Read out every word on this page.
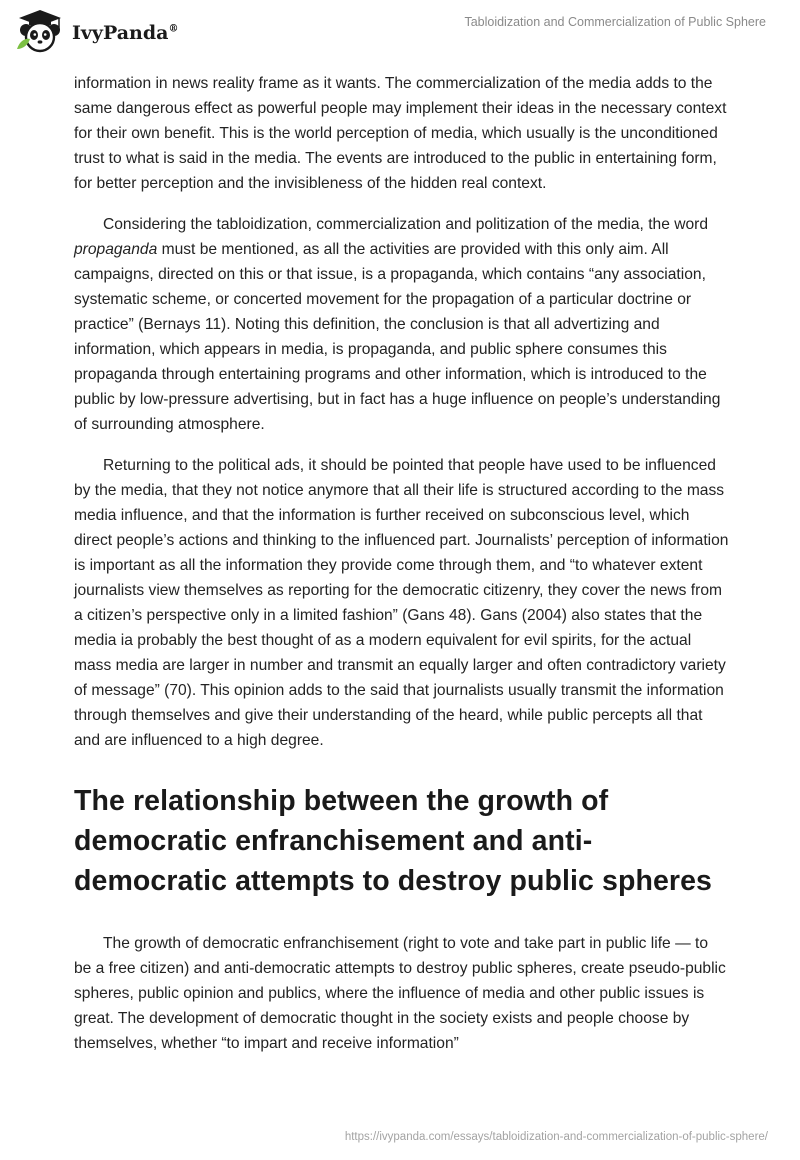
IvyPanda®
Tabloidization and Commercialization of Public Sphere

information in news reality frame as it wants. The commercialization of the media adds to the same dangerous effect as powerful people may implement their ideas in the necessary context for their own benefit. This is the world perception of media, which usually is the unconditioned trust to what is said in the media. The events are introduced to the public in entertaining form, for better perception and the invisibleness of the hidden real context.

Considering the tabloidization, commercialization and politization of the media, the word propaganda must be mentioned, as all the activities are provided with this only aim. All campaigns, directed on this or that issue, is a propaganda, which contains “any association, systematic scheme, or concerted movement for the propagation of a particular doctrine or practice” (Bernays 11). Noting this definition, the conclusion is that all advertizing and information, which appears in media, is propaganda, and public sphere consumes this propaganda through entertaining programs and other information, which is introduced to the public by low-pressure advertising, but in fact has a huge influence on people’s understanding of surrounding atmosphere.

Returning to the political ads, it should be pointed that people have used to be influenced by the media, that they not notice anymore that all their life is structured according to the mass media influence, and that the information is further received on subconscious level, which direct people’s actions and thinking to the influenced part. Journalists’ perception of information is important as all the information they provide come through them, and “to whatever extent journalists view themselves as reporting for the democratic citizenry, they cover the news from a citizen’s perspective only in a limited fashion” (Gans 48). Gans (2004) also states that the media ia probably the best thought of as a modern equivalent for evil spirits, for the actual mass media are larger in number and transmit an equally larger and often contradictory variety of message” (70). This opinion adds to the said that journalists usually transmit the information through themselves and give their understanding of the heard, while public percepts all that and are influenced to a high degree.

The relationship between the growth of democratic enfranchisement and anti-democratic attempts to destroy public spheres

The growth of democratic enfranchisement (right to vote and take part in public life — to be a free citizen) and anti-democratic attempts to destroy public spheres, create pseudo-public spheres, public opinion and publics, where the influence of media and other public issues is great. The development of democratic thought in the society exists and people choose by themselves, whether “to impart and receive information”

https://ivypanda.com/essays/tabloidization-and-commercialization-of-public-sphere/
